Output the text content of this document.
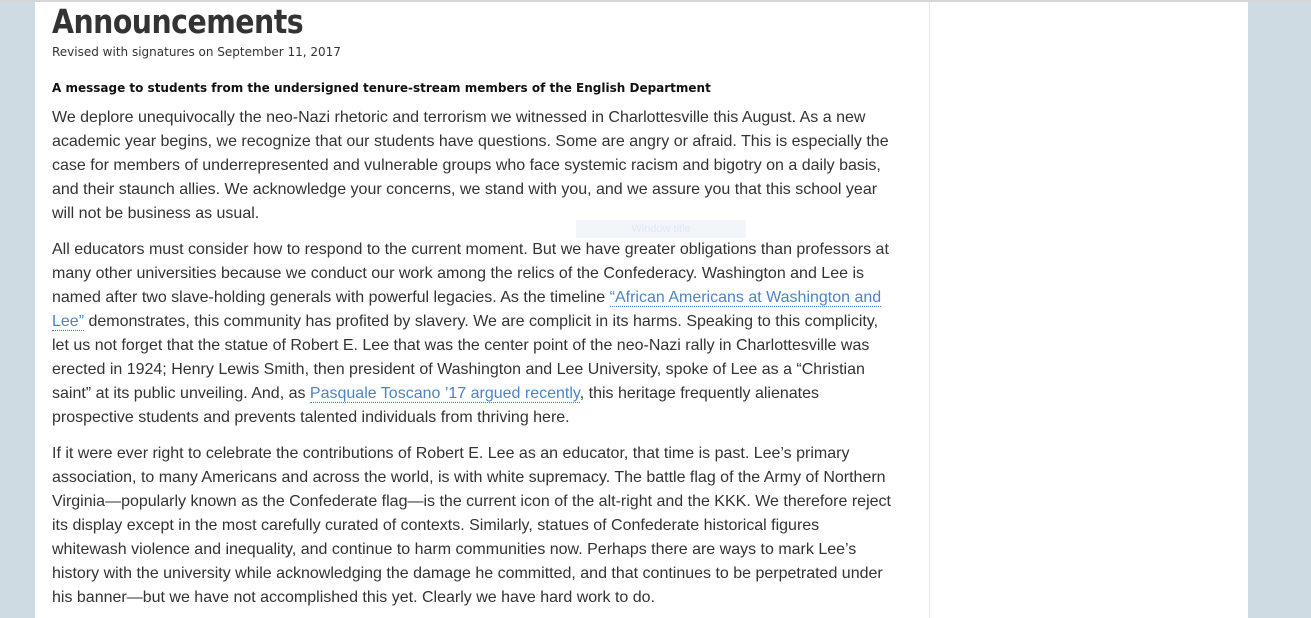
Announcements
Revised with signatures on September 11, 2017
A message to students from the undersigned tenure-stream members of the English Department

We deplore unequivocally the neo-Nazi rhetoric and terrorism we witnessed in Charlottesville this August. As a new academic year begins, we recognize that our students have questions. Some are angry or afraid. This is especially the case for members of underrepresented and vulnerable groups who face systemic racism and bigotry on a daily basis, and their staunch allies. We acknowledge your concerns, we stand with you, and we assure you that this school year will not be business as usual.

All educators must consider how to respond to the current moment. But we have greater obligations than professors at many other universities because we conduct our work among the relics of the Confederacy. Washington and Lee is named after two slave-holding generals with powerful legacies. As the timeline “African Americans at Washington and Lee” demonstrates, this community has profited by slavery. We are complicit in its harms. Speaking to this complicity, let us not forget that the statue of Robert E. Lee that was the center point of the neo-Nazi rally in Charlottesville was erected in 1924; Henry Lewis Smith, then president of Washington and Lee University, spoke of Lee as a “Christian saint” at its public unveiling. And, as Pasquale Toscano ’17 argued recently, this heritage frequently alienates prospective students and prevents talented individuals from thriving here.

If it were ever right to celebrate the contributions of Robert E. Lee as an educator, that time is past. Lee’s primary association, to many Americans and across the world, is with white supremacy. The battle flag of the Army of Northern Virginia—popularly known as the Confederate flag—is the current icon of the alt-right and the KKK. We therefore reject its display except in the most carefully curated of contexts. Similarly, statues of Confederate historical figures whitewash violence and inequality, and continue to harm communities now. Perhaps there are ways to mark Lee’s history with the university while acknowledging the damage he committed, and that continues to be perpetrated under his banner—but we have not accomplished this yet. Clearly we have hard work to do.

Window title
